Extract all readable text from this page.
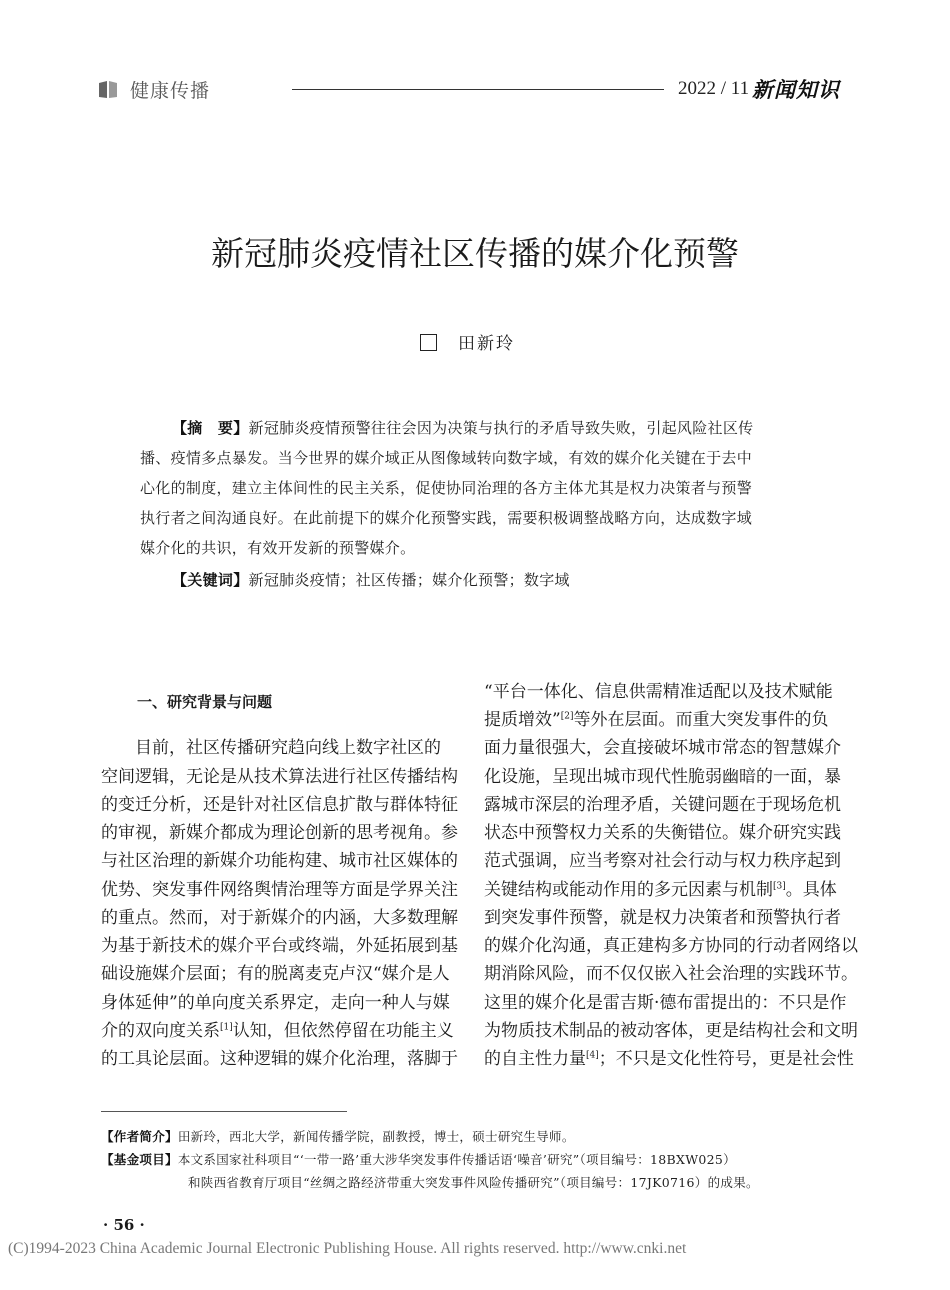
健康传播	2022 / 11 新闻知识
新冠肺炎疫情社区传播的媒介化预警
田新玲
【摘　要】新冠肺炎疫情预警往往会因为决策与执行的矛盾导致失败，引起风险社区传
播、疫情多点暴发。当今世界的媒介域正从图像域转向数字域，有效的媒介化关键在于去中
心化的制度，建立主体间性的民主关系，促使协同治理的各方主体尤其是权力决策者与预警
执行者之间沟通良好。在此前提下的媒介化预警实践，需要积极调整战略方向，达成数字域
媒介化的共识，有效开发新的预警媒介。
【关键词】新冠肺炎疫情；社区传播；媒介化预警；数字域
一、研究背景与问题
　　目前，社区传播研究趋向线上数字社区的
空间逻辑，无论是从技术算法进行社区传播结构
的变迁分析，还是针对社区信息扩散与群体特征
的审视，新媒介都成为理论创新的思考视角。参
与社区治理的新媒介功能构建、城市社区媒体的
优势、突发事件网络舆情治理等方面是学界关注
的重点。然而，对于新媒介的内涵，大多数理解
为基于新技术的媒介平台或终端，外延拓展到基
础设施媒介层面；有的脱离麦克卢汉“媒介是人
身体延伸”的单向度关系界定，走向一种人与媒
介的双向度关系[1]认知，但依然停留在功能主义
的工具论层面。这种逻辑的媒介化治理，落脚于
“平台一体化、信息供需精准适配以及技术赋能
提质增效”[2]等外在层面。而重大突发事件的负
面力量很强大，会直接破坏城市常态的智慧媒介
化设施，呈现出城市现代性脆弱幽暗的一面，暴
露城市深层的治理矛盾，关键问题在于现场危机
状态中预警权力关系的失衡错位。媒介研究实践
范式强调，应当考察对社会行动与权力秩序起到
关键结构或能动作用的多元因素与机制[3]。具体
到突发事件预警，就是权力决策者和预警执行者
的媒介化沟通，真正建构多方协同的行动者网络以
期消除风险，而不仅仅嵌入社会治理的实践环节。
这里的媒介化是雷吉斯·德布雷提出的：不只是作
为物质技术制品的被动客体，更是结构社会和文明
的自主性力量[4]；不只是文化性符号，更是社会性
【作者简介】田新玲，西北大学，新闻传播学院，副教授，博士，硕士研究生导师。
【基金项目】本文系国家社科项目“‘一带一路’重大涉华突发事件传播话语‘噪音’研究”（项目编号：18BXW025）
和陕西省教育厅项目“丝绸之路经济带重大突发事件风险传播研究”（项目编号：17JK0716）的成果。
· 56 ·
(C)1994-2023 China Academic Journal Electronic Publishing House. All rights reserved. http://www.cnki.net
